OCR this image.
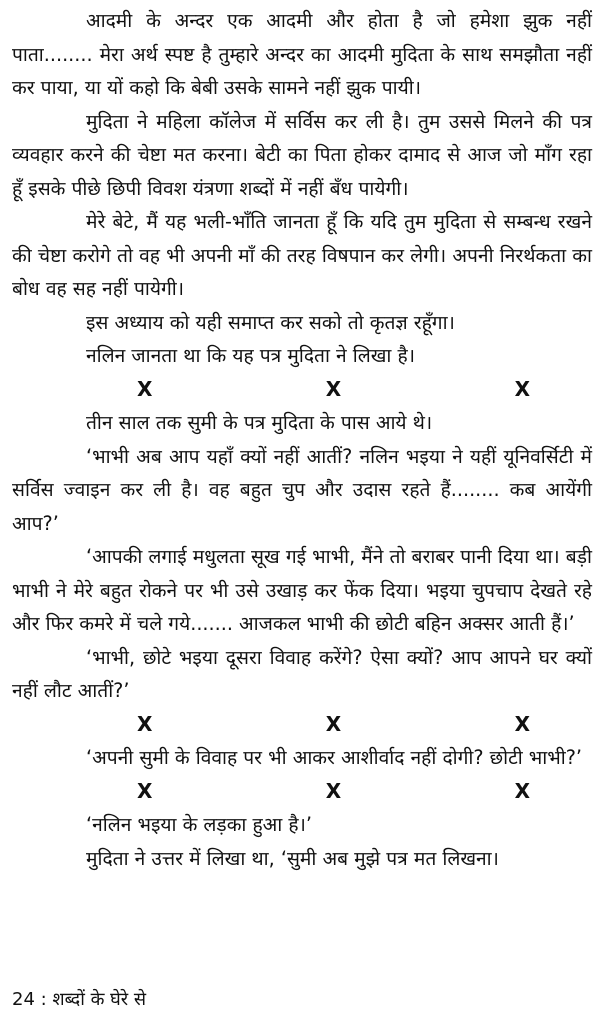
आदमी के अन्दर एक आदमी और होता है जो हमेशा झुक नहीं पाता........ मेरा अर्थ स्पष्ट है तुम्हारे अन्दर का आदमी मुदिता के साथ समझौता नहीं कर पाया, या यों कहो कि बेबी उसके सामने नहीं झुक पायी।

मुदिता ने महिला कॉलेज में सर्विस कर ली है। तुम उससे मिलने की पत्र व्यवहार करने की चेष्टा मत करना। बेटी का पिता होकर दामाद से आज जो माँग रहा हूँ इसके पीछे छिपी विवश यंत्रणा शब्दों में नहीं बँध पायेगी।

मेरे बेटे, मैं यह भली-भाँति जानता हूँ कि यदि तुम मुदिता से सम्बन्ध रखने की चेष्टा करोगे तो वह भी अपनी माँ की तरह विषपान कर लेगी। अपनी निरर्थकता का बोध वह सह नहीं पायेगी।

इस अध्याय को यही समाप्त कर सको तो कृतज्ञ रहूँगा।

नलिन जानता था कि यह पत्र मुदिता ने लिखा है।

X	X	X

तीन साल तक सुमी के पत्र मुदिता के पास आये थे।

‘भाभी अब आप यहाँ क्यों नहीं आतीं? नलिन भइया ने यहीं यूनिवर्सिटी में सर्विस ज्वाइन कर ली है। वह बहुत चुप और उदास रहते हैं........ कब आयेंगी आप?’

‘आपकी लगाई मधुलता सूख गई भाभी, मैंने तो बराबर पानी दिया था। बड़ी भाभी ने मेरे बहुत रोकने पर भी उसे उखाड़ कर फेंक दिया। भइया चुपचाप देखते रहे और फिर कमरे में चले गये....... आजकल भाभी की छोटी बहिन अक्सर आती हैं।’

‘भाभी, छोटे भइया दूसरा विवाह करेंगे? ऐसा क्यों? आप आपने घर क्यों नहीं लौट आतीं?’

X	X	X

‘अपनी सुमी के विवाह पर भी आकर आशीर्वाद नहीं दोगी? छोटी भाभी?’

X	X	X

‘नलिन भइया के लड़का हुआ है।’

मुदिता ने उत्तर में लिखा था, ‘सुमी अब मुझे पत्र मत लिखना।

24 : शब्दों के घेरे से
